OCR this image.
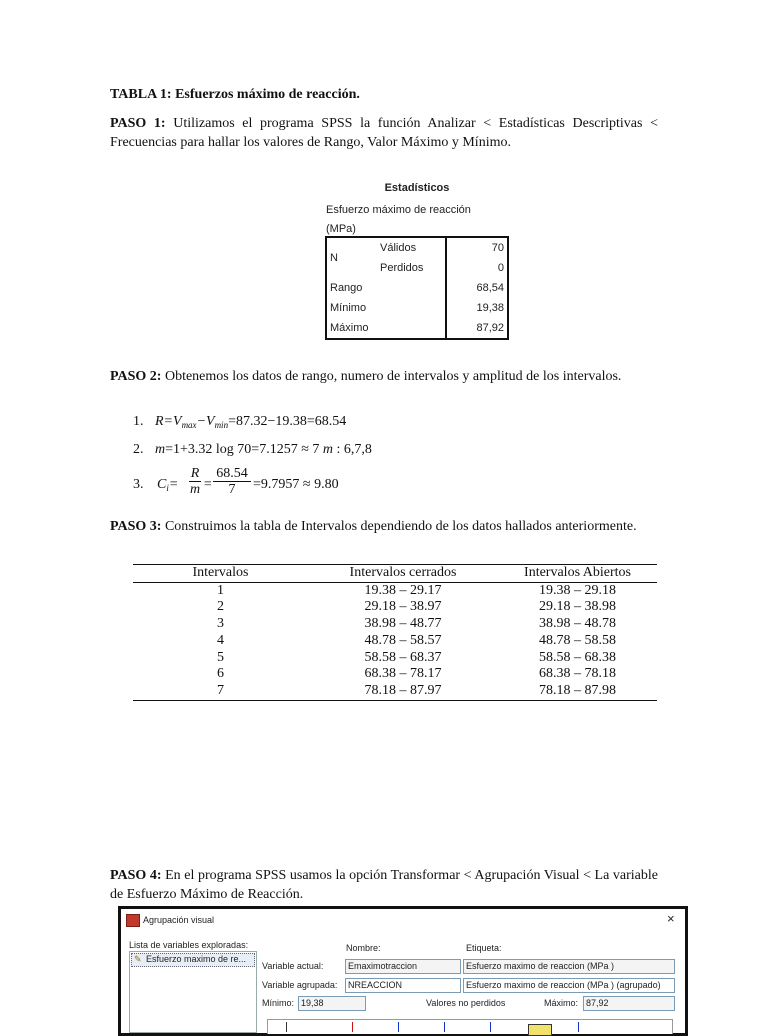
TABLA 1: Esfuerzos máximo de reacción.
PASO 1: Utilizamos el programa SPSS la función Analizar < Estadísticas Descriptivas < Frecuencias para hallar los valores de Rango, Valor Máximo y Mínimo.
Estadísticos
Esfuerzo máximo de reacción (MPa)
N	Válidos	70
	Perdidos	0
Rango		68,54
Mínimo		19,38
Máximo		87,92
PASO 2: Obtenemos los datos de rango, numero de intervalos y amplitud de los intervalos.
1. $R=V_{max}-V_{min}=87.32-19.38=68.54$
2. m=1+3.32 log 70=7.1257 ≈ 7 m : 6,7,8
3. $C_i=$
R

$m = \frac{68.54}{7} =9.7957 \approx 9.80$
PASO 3: Construimos la tabla de Intervalos dependiendo de los datos hallados anteriormente.
Intervalos	Intervalos cerrados	Intervalos Abiertos
1	19.38 – 29.17	19.38 – 29.18
2	29.18 – 38.97	29.18 – 38.98
3	38.98 – 48.77	38.98 – 48.78
4	48.78 – 58.57	48.78 – 58.58
5	58.58 – 68.37	58.58 – 68.38
6	68.38 – 78.17	68.38 – 78.18
7	78.18 – 87.97	78.18 – 87.98
PASO 4: En el programa SPSS usamos la opción Transformar < Agrupación Visual < La variable de Esfuerzo Máximo de Reacción.
Agrupación visual	×
Lista de variables exploradas:
✎ Esfuerzo maximo de re...
Nombre:	Etiqueta:
Variable actual:	Emaximotraccion	Esfuerzo maximo de reaccion (MPa )
Variable agrupada:	NREACCION	Esfuerzo maximo de reaccion (MPa ) (agrupado)
Mínimo: 19,38	Valores no perdidos	Máximo: 87,92
